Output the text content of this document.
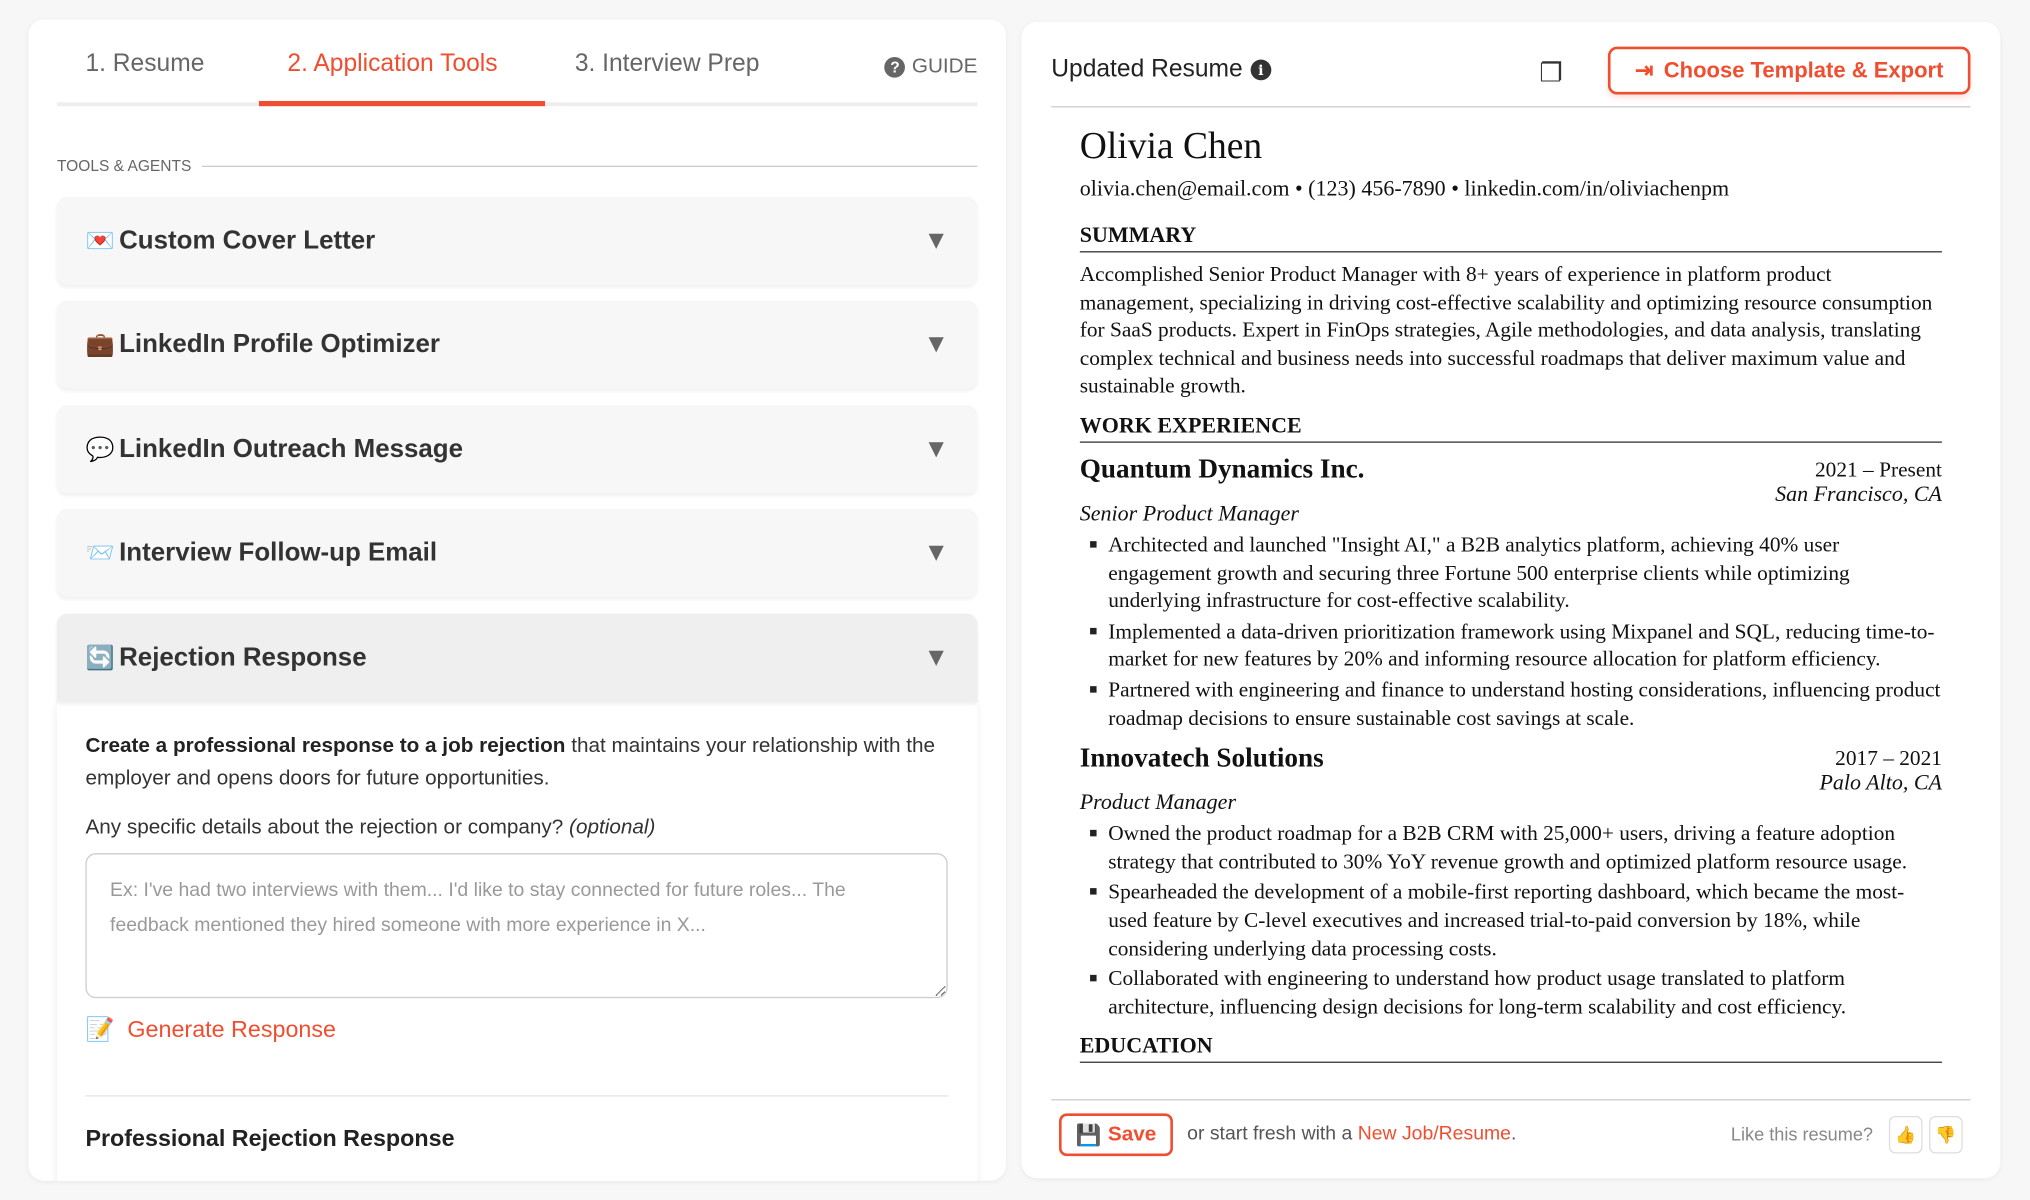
1. Resume	2. Application Tools	3. Interview Prep	? GUIDE
TOOLS & AGENTS
💌 Custom Cover Letter	▼
💼 LinkedIn Profile Optimizer	▼
💬 LinkedIn Outreach Message	▼
📨 Interview Follow-up Email	▼

Create a professional response to a job rejection that maintains your relationship with the employer and opens doors for future opportunities.

Any specific details about the rejection or company? (optional)

Ex: I've had two interviews with them... I'd like to stay connected for future roles... The feedback mentioned they hired someone with more experience in X...
📝 Generate Response
Professional Rejection Response
🔄 Rejection Response	▼
Updated Resume	i	❐	⇥ Choose Template & Export
Olivia Chen
olivia.chen@email.com • (123) 456-7890 • linkedin.com/in/oliviachenpm
SUMMARY
Accomplished Senior Product Manager with 8+ years of experience in platform product management, specializing in driving cost-effective scalability and optimizing resource consumption for SaaS products. Expert in FinOps strategies, Agile methodologies, and data analysis, translating complex technical and business needs into successful roadmaps that deliver maximum value and sustainable growth.
WORK EXPERIENCE
Quantum Dynamics Inc.	2021 – Present
San Francisco, CA
Senior Product Manager
Architected and launched "Insight AI," a B2B analytics platform, achieving 40% user engagement growth and securing three Fortune 500 enterprise clients while optimizing underlying infrastructure for cost-effective scalability.
Implemented a data-driven prioritization framework using Mixpanel and SQL, reducing time-to-market for new features by 20% and informing resource allocation for platform efficiency.
Partnered with engineering and finance to understand hosting considerations, influencing product roadmap decisions to ensure sustainable cost savings at scale.
Innovatech Solutions	2017 – 2021
Palo Alto, CA
Product Manager
Owned the product roadmap for a B2B CRM with 25,000+ users, driving a feature adoption strategy that contributed to 30% YoY revenue growth and optimized platform resource usage.
Spearheaded the development of a mobile-first reporting dashboard, which became the most-used feature by C-level executives and increased trial-to-paid conversion by 18%, while considering underlying data processing costs.
Collaborated with engineering to understand how product usage translated to platform architecture, influencing design decisions for long-term scalability and cost efficiency.
EDUCATION
💾 Save or start fresh with a New Job/Resume.	Like this resume?	👍	👎
